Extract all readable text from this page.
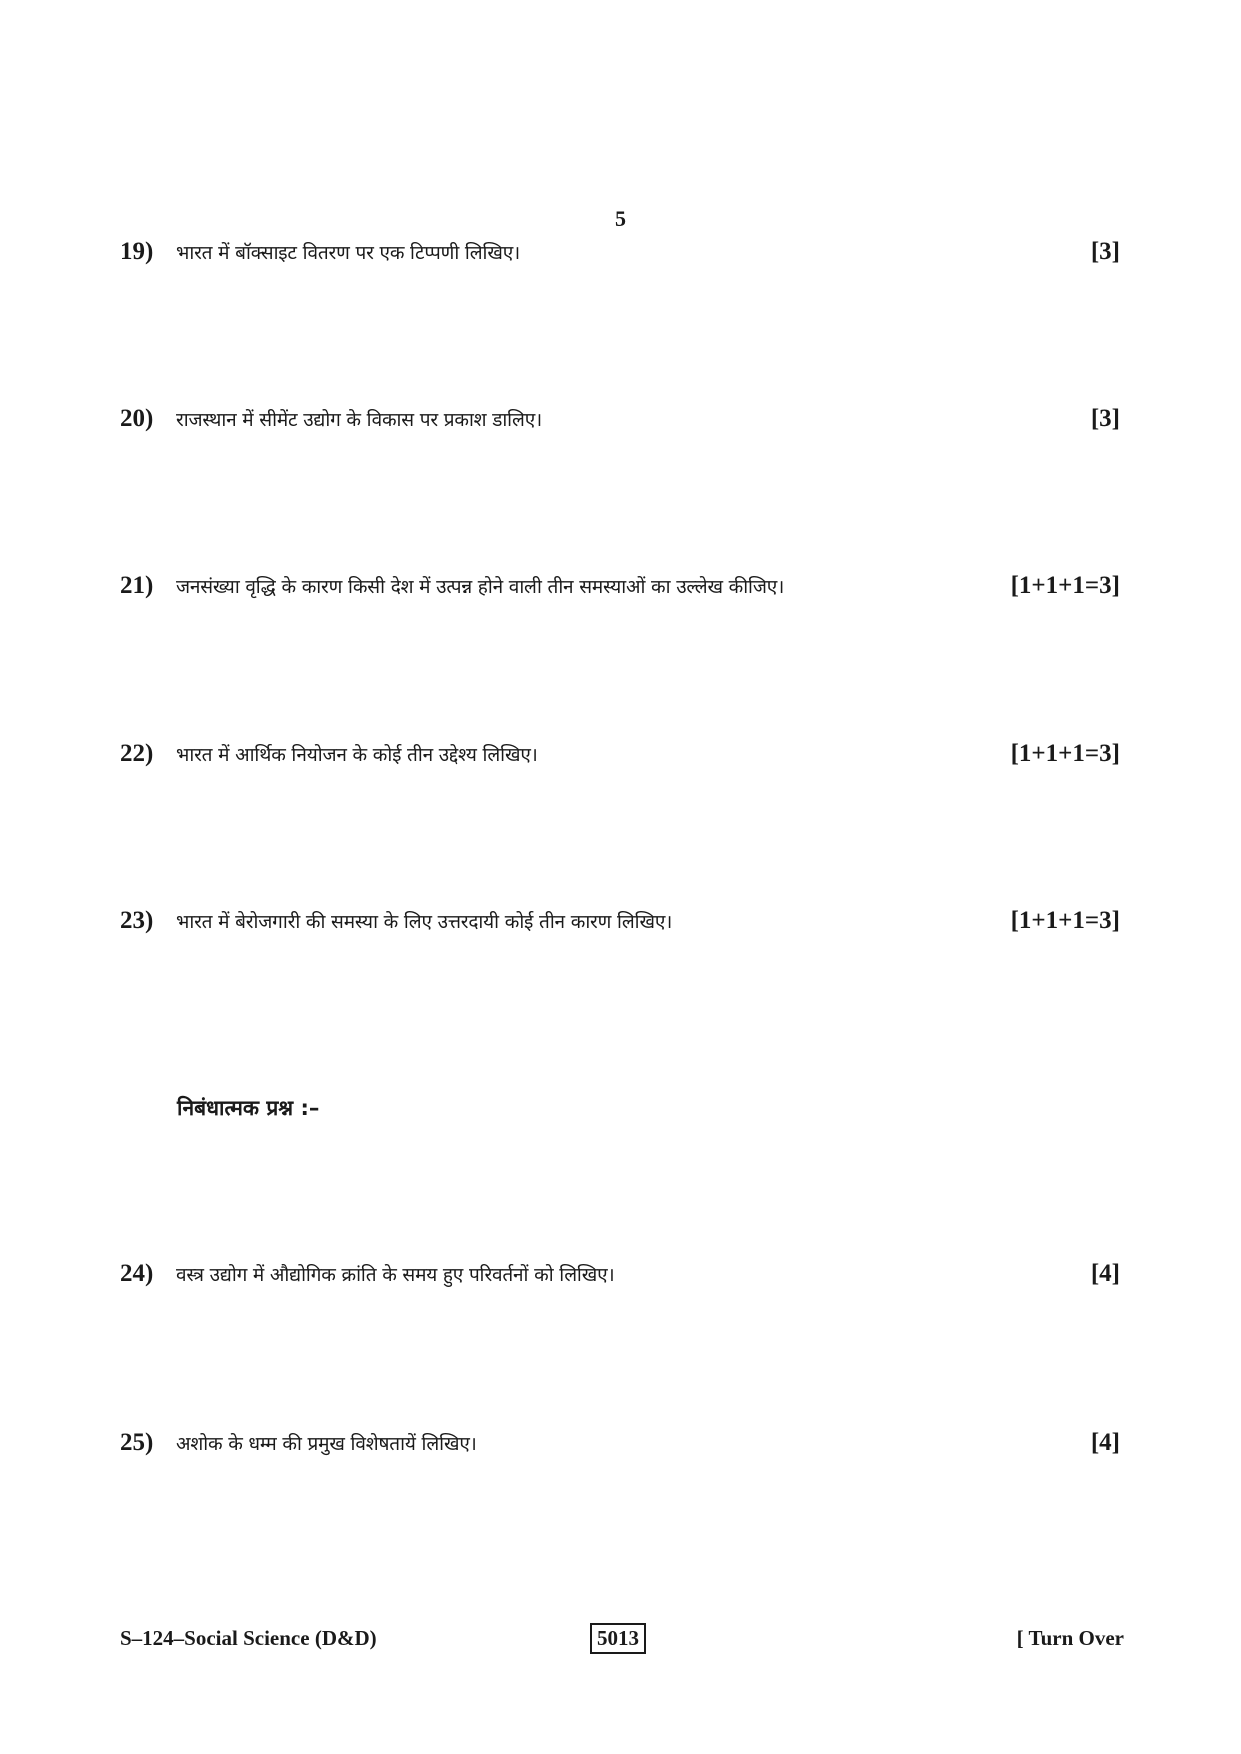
5
19)	भारत में बॉक्साइट वितरण पर एक टिप्पणी लिखिए।	[3]
20)	राजस्थान में सीमेंट उद्योग के विकास पर प्रकाश डालिए।	[3]
21)	जनसंख्या वृद्धि के कारण किसी देश में उत्पन्न होने वाली तीन समस्याओं का उल्लेख कीजिए।	[1+1+1=3]
22)	भारत में आर्थिक नियोजन के कोई तीन उद्देश्य लिखिए।	[1+1+1=3]
23)	भारत में बेरोजगारी की समस्या के लिए उत्तरदायी कोई तीन कारण लिखिए।	[1+1+1=3]
निबंधात्मक प्रश्न :–
24)	वस्त्र उद्योग में औद्योगिक क्रांति के समय हुए परिवर्तनों को लिखिए।	[4]
25)	अशोक के धम्म की प्रमुख विशेषतायें लिखिए।	[4]
S–124–Social Science (D&D)	5013	[ Turn Over
